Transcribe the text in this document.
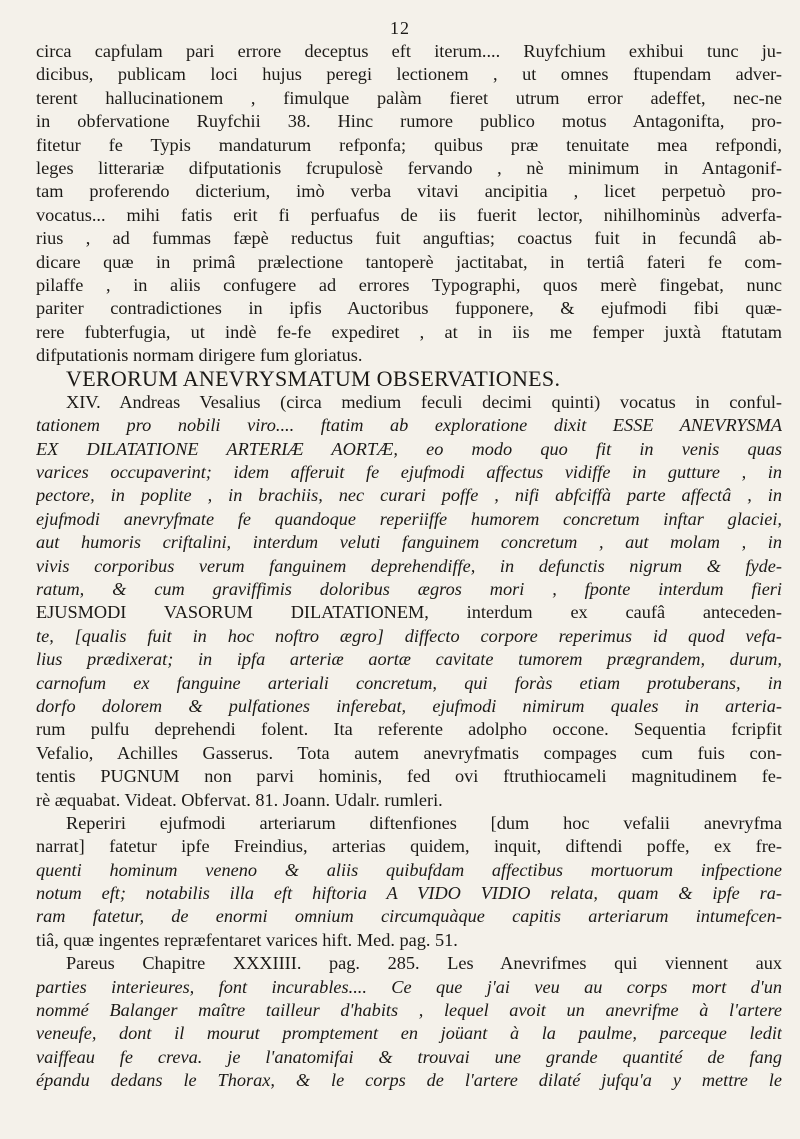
12
circa capfulam pari errore deceptus eft iterum.... Ruyfchium exhibui tunc ju-
dicibus, publicam loci hujus peregi lectionem , ut omnes ftupendam adver-
terent hallucinationem , fimulque palàm fieret utrum error adeffet, nec-ne
in obfervatione Ruyfchii 38. Hinc rumore publico motus Antagonifta, pro-
fitetur fe Typis mandaturum refponfa; quibus præ tenuitate mea refpondi,
leges litterariæ difputationis fcrupulosè fervando , nè minimum in Antagonif-
tam proferendo dicterium, imò verba vitavi ancipitia , licet perpetuò pro-
vocatus... mihi fatis erit fi perfuafus de iis fuerit lector, nihilhominùs adverfa-
rius , ad fummas fæpè reductus fuit anguftias; coactus fuit in fecundâ ab-
dicare quæ in primâ prælectione tantoperè jactitabat, in tertiâ fateri fe com-
pilaffe , in aliis confugere ad errores Typographi, quos merè fingebat, nunc
pariter contradictiones in ipfis Auctoribus fupponere, & ejufmodi fibi quæ-
rere fubterfugia, ut indè fe-fe expediret , at in iis me femper juxtà ftatutam
difputationis normam dirigere fum gloriatus.
VERORUM ANEVRYSMATUM OBSERVATIONES.
XIV. Andreas Vesalius (circa medium feculi decimi quinti) vocatus in conful-
tationem pro nobili viro.... ftatim ab exploratione dixit ESSE ANEVRYSMA
EX DILATATIONE ARTERIÆ AORTÆ, eo modo quo fit in venis quas
varices occupaverint; idem afferuit fe ejufmodi affectus vidiffe in gutture , in
pectore, in poplite , in brachiis, nec curari poffe , nifi abfciffà parte affectâ , in
ejufmodi anevryfmate fe quandoque reperiiffe humorem concretum inftar glaciei,
aut humoris criftalini, interdum veluti fanguinem concretum , aut molam , in
vivis corporibus verum fanguinem deprehendiffe, in defunctis nigrum & fyde-
ratum, & cum graviffimis doloribus ægros mori , fponte interdum fieri
EJUSMODI VASORUM DILATATIONEM, interdum ex caufâ anteceden-
te, [qualis fuit in hoc noftro ægro] diffecto corpore reperimus id quod vefa-
lius prædixerat; in ipfa arteriæ aortæ cavitate tumorem prægrandem, durum,
carnofum ex fanguine arteriali concretum, qui foràs etiam protuberans, in
dorfo dolorem & pulfationes inferebat, ejufmodi nimirum quales in arteria-
rum pulfu deprehendi folent. Ita referente adolpho occone. Sequentia fcripfit
Vefalio, Achilles Gasserus. Tota autem anevryfmatis compages cum fuis con-
tentis PUGNUM non parvi hominis, fed ovi ftruthiocameli magnitudinem fe-
rè æquabat. Videat. Obfervat. 81. Joann. Udalr. rumleri.
Reperiri ejufmodi arteriarum diftenfiones [dum hoc vefalii anevryfma
narrat] fatetur ipfe Freindius, arterias quidem, inquit, diftendi poffe, ex fre-
quenti hominum veneno & aliis quibufdam affectibus mortuorum infpectione
notum eft; notabilis illa eft hiftoria A VIDO VIDIO relata, quam & ipfe ra-
ram fatetur, de enormi omnium circumquàque capitis arteriarum intumefcen-
tiâ, quæ ingentes repræfentaret varices hift. Med. pag. 51.
Pareus Chapitre XXXIIII. pag. 285. Les Anevrifmes qui viennent aux
parties interieures, font incurables.... Ce que j'ai veu au corps mort d'un
nommé Balanger maître tailleur d'habits , lequel avoit un anevrifme à l'artere
veneufe, dont il mourut promptement en joüant à la paulme, parceque ledit
vaiffeau fe creva. je l'anatomifai & trouvai une grande quantité de fang
épandu dedans le Thorax, & le corps de l'artere dilaté jufqu'a y mettre le
